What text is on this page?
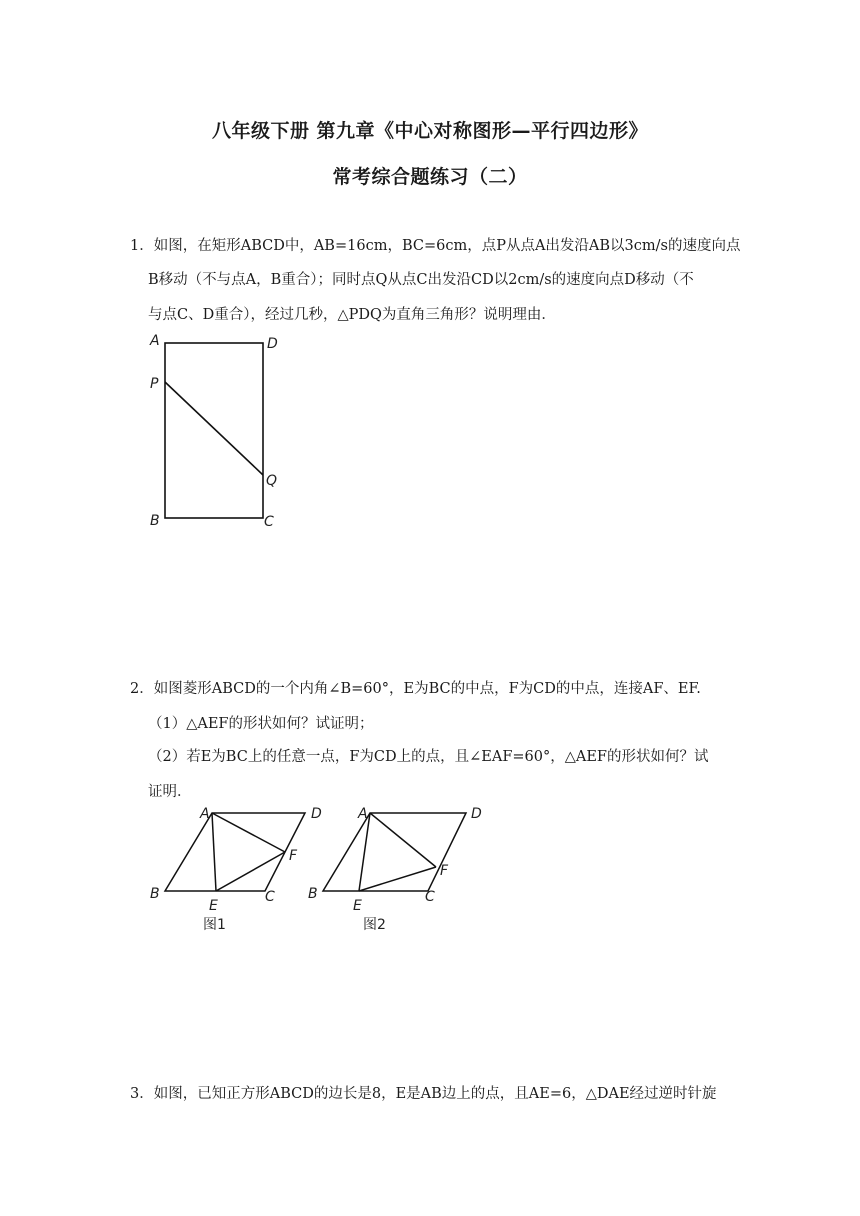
八年级下册 第九章《中心对称图形—平行四边形》
常考综合题练习（二）
1．如图，在矩形ABCD中，AB=16cm，BC=6cm，点P从点A出发沿AB以3cm/s的速度向点
B移动（不与点A，B重合）；同时点Q从点C出发沿CD以2cm/s的速度向点D移动（不
与点C、D重合），经过几秒，△PDQ为直角三角形？说明理由．
A	D
P
Q
B	C
2．如图菱形ABCD的一个内角∠B=60°，E为BC的中点，F为CD的中点，连接AF、EF.
（1）△AEF的形状如何？试证明；
（2）若E为BC上的任意一点，F为CD上的点，且∠EAF=60°，△AEF的形状如何？试
证明．
A	D
F
B
E
C
图1
A	D
F
B
E
C
图2
3．如图，已知正方形ABCD的边长是8，E是AB边上的点，且AE=6，△DAE经过逆时针旋
